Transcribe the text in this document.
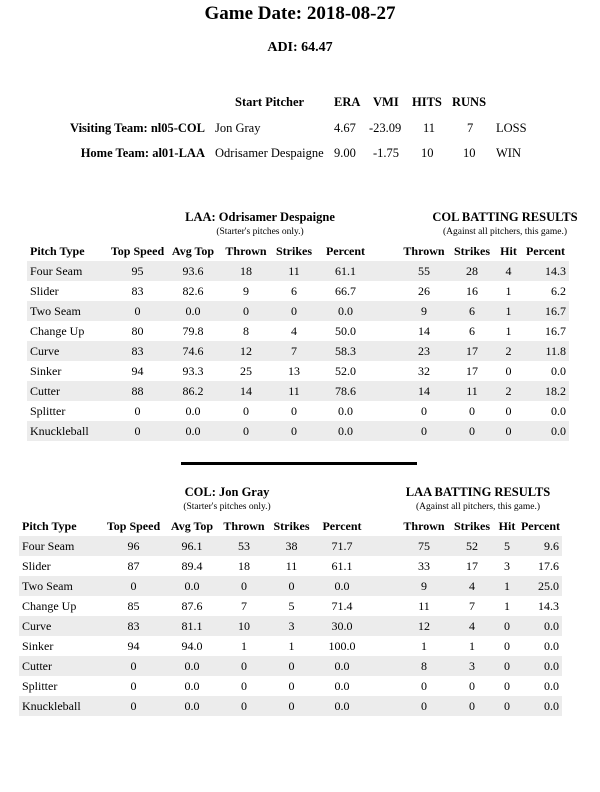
Game Date: 2018-08-27
ADI: 64.47
Start Pitcher ERA VMI HITS RUNS
Visiting Team: nl05-COL Jon Gray	4.67 -23.09 11	7 LOSS
Home Team: al01-LAA Odrisamer Despaigne 9.00 -1.75 10 10 WIN
LAA: Odrisamer Despaigne
(Starter's pitches only.)
COL BATTING RESULTS
(Against all pitchers, this game.)
Pitch Type	Top Speed	Avg Top	Thrown	Strikes	Percent		Thrown	Strikes	Hit	Percent
Four Seam	95	93.6	18	11	61.1		55	28	4	14.3
Slider	83	82.6	9	6	66.7		26	16	1	6.2
Two Seam	0	0.0	0	0	0.0		9	6	1	16.7
Change Up	80	79.8	8	4	50.0		14	6	1	16.7
Curve	83	74.6	12	7	58.3		23	17	2	11.8
Sinker	94	93.3	25	13	52.0		32	17	0	0.0
Cutter	88	86.2	14	11	78.6		14	11	2	18.2
Splitter	0	0.0	0	0	0.0		0	0	0	0.0
Knuckleball	0	0.0	0	0	0.0		0	0	0	0.0
COL: Jon Gray
(Starter's pitches only.)
LAA BATTING RESULTS
(Against all pitchers, this game.)
Pitch Type	Top Speed	Avg Top	Thrown	Strikes	Percent		Thrown	Strikes	Hit	Percent
Four Seam	96	96.1	53	38	71.7		75	52	5	9.6
Slider	87	89.4	18	11	61.1		33	17	3	17.6
Two Seam	0	0.0	0	0	0.0		9	4	1	25.0
Change Up	85	87.6	7	5	71.4		11	7	1	14.3
Curve	83	81.1	10	3	30.0		12	4	0	0.0
Sinker	94	94.0	1	1	100.0		1	1	0	0.0
Cutter	0	0.0	0	0	0.0		8	3	0	0.0
Splitter	0	0.0	0	0	0.0		0	0	0	0.0
Knuckleball	0	0.0	0	0	0.0		0	0	0	0.0
